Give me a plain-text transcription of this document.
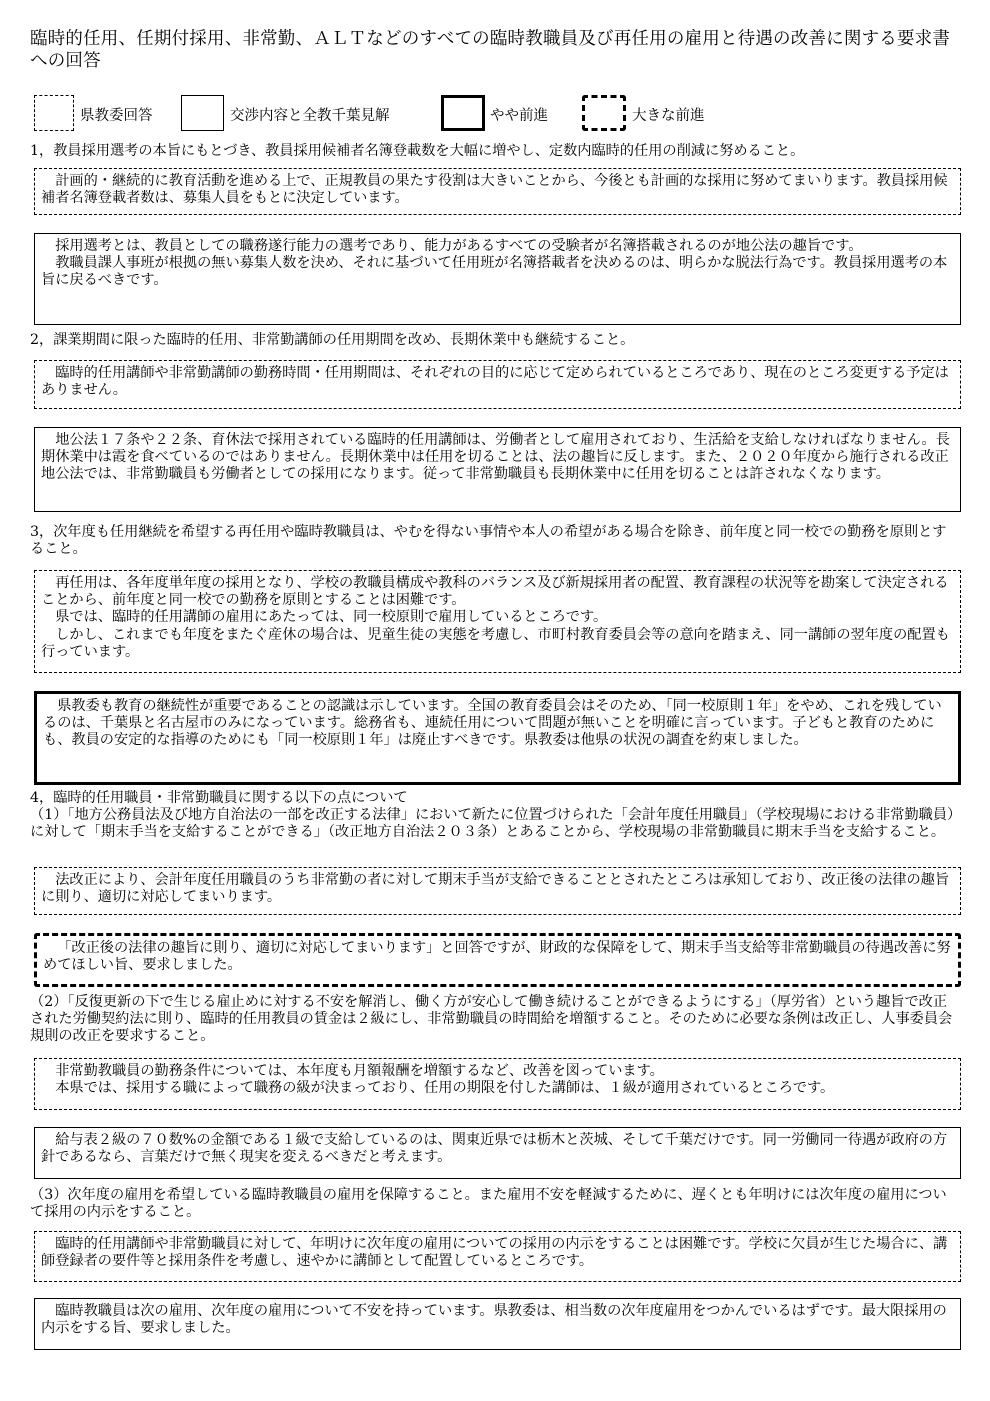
臨時的任用、任期付採用、非常勤、ＡＬＴなどのすべての臨時教職員及び再任用の雇用と待遇の改善に関する要求書への回答
県教委回答	交渉内容と全教千葉見解	やや前進	大きな前進
1，教員採用選考の本旨にもとづき、教員採用候補者名簿登載数を大幅に増やし、定数内臨時的任用の削減に努めること。

計画的・継続的に教育活動を進める上で、正規教員の果たす役割は大きいことから、今後とも計画的な採用に努めてまいります。教員採用候補者名簿登載者数は、募集人員をもとに決定しています。

採用選考とは、教員としての職務遂行能力の選考であり、能力があるすべての受験者が名簿搭載されるのが地公法の趣旨です。

教職員課人事班が根拠の無い募集人数を決め、それに基づいて任用班が名簿搭載者を決めるのは、明らかな脱法行為です。教員採用選考の本旨に戻るべきです。

2，課業期間に限った臨時的任用、非常勤講師の任用期間を改め、長期休業中も継続すること。

臨時的任用講師や非常勤講師の勤務時間・任用期間は、それぞれの目的に応じて定められているところであり、現在のところ変更する予定はありません。

地公法１７条や２２条、育休法で採用されている臨時的任用講師は、労働者として雇用されており、生活給を支給しなければなりません。長期休業中は霞を食べているのではありません。長期休業中は任用を切ることは、法の趣旨に反します。また、２０２０年度から施行される改正地公法では、非常勤職員も労働者としての採用になります。従って非常勤職員も長期休業中に任用を切ることは許されなくなります。

3，次年度も任用継続を希望する再任用や臨時教職員は、やむを得ない事情や本人の希望がある場合を除き、前年度と同一校での勤務を原則とすること。

再任用は、各年度単年度の採用となり、学校の教職員構成や教科のバランス及び新規採用者の配置、教育課程の状況等を勘案して決定されることから、前年度と同一校での勤務を原則とすることは困難です。

県では、臨時的任用講師の雇用にあたっては、同一校原則で雇用しているところです。

しかし、これまでも年度をまたぐ産休の場合は、児童生徒の実態を考慮し、市町村教育委員会等の意向を踏まえ、同一講師の翌年度の配置も行っています。

県教委も教育の継続性が重要であることの認識は示しています。全国の教育委員会はそのため、「同一校原則１年」をやめ、これを残しているのは、千葉県と名古屋市のみになっています。総務省も、連続任用について問題が無いことを明確に言っています。子どもと教育のためにも、教員の安定的な指導のためにも「同一校原則１年」は廃止すべきです。県教委は他県の状況の調査を約束しました。

4，臨時的任用職員・非常勤職員に関する以下の点について
（1）「地方公務員法及び地方自治法の一部を改正する法律」において新たに位置づけられた「会計年度任用職員」（学校現場における非常勤職員）に対して「期末手当を支給することができる」（改正地方自治法２０３条）とあることから、学校現場の非常勤職員に期末手当を支給すること。

法改正により、会計年度任用職員のうち非常勤の者に対して期末手当が支給できることとされたところは承知しており、改正後の法律の趣旨に則り、適切に対応してまいります。

「改正後の法律の趣旨に則り、適切に対応してまいります」と回答ですが、財政的な保障をして、期末手当支給等非常勤職員の待遇改善に努めてほしい旨、要求しました。

（2）「反復更新の下で生じる雇止めに対する不安を解消し、働く方が安心して働き続けることができるようにする」（厚労省）という趣旨で改正された労働契約法に則り、臨時的任用教員の賃金は２級にし、非常勤職員の時間給を増額すること。そのために必要な条例は改正し、人事委員会規則の改正を要求すること。

非常勤教職員の勤務条件については、本年度も月額報酬を増額するなど、改善を図っています。

本県では、採用する職によって職務の級が決まっており、任用の期限を付した講師は、１級が適用されているところです。

給与表２級の７０数%の金額である１級で支給しているのは、関東近県では栃木と茨城、そして千葉だけです。同一労働同一待遇が政府の方針であるなら、言葉だけで無く現実を変えるべきだと考えます。

（3）次年度の雇用を希望している臨時教職員の雇用を保障すること。また雇用不安を軽減するために、遅くとも年明けには次年度の雇用について採用の内示をすること。

臨時的任用講師や非常勤職員に対して、年明けに次年度の雇用についての採用の内示をすることは困難です。学校に欠員が生じた場合に、講師登録者の要件等と採用条件を考慮し、速やかに講師として配置しているところです。

臨時教職員は次の雇用、次年度の雇用について不安を持っています。県教委は、相当数の次年度雇用をつかんでいるはずです。最大限採用の内示をする旨、要求しました。
